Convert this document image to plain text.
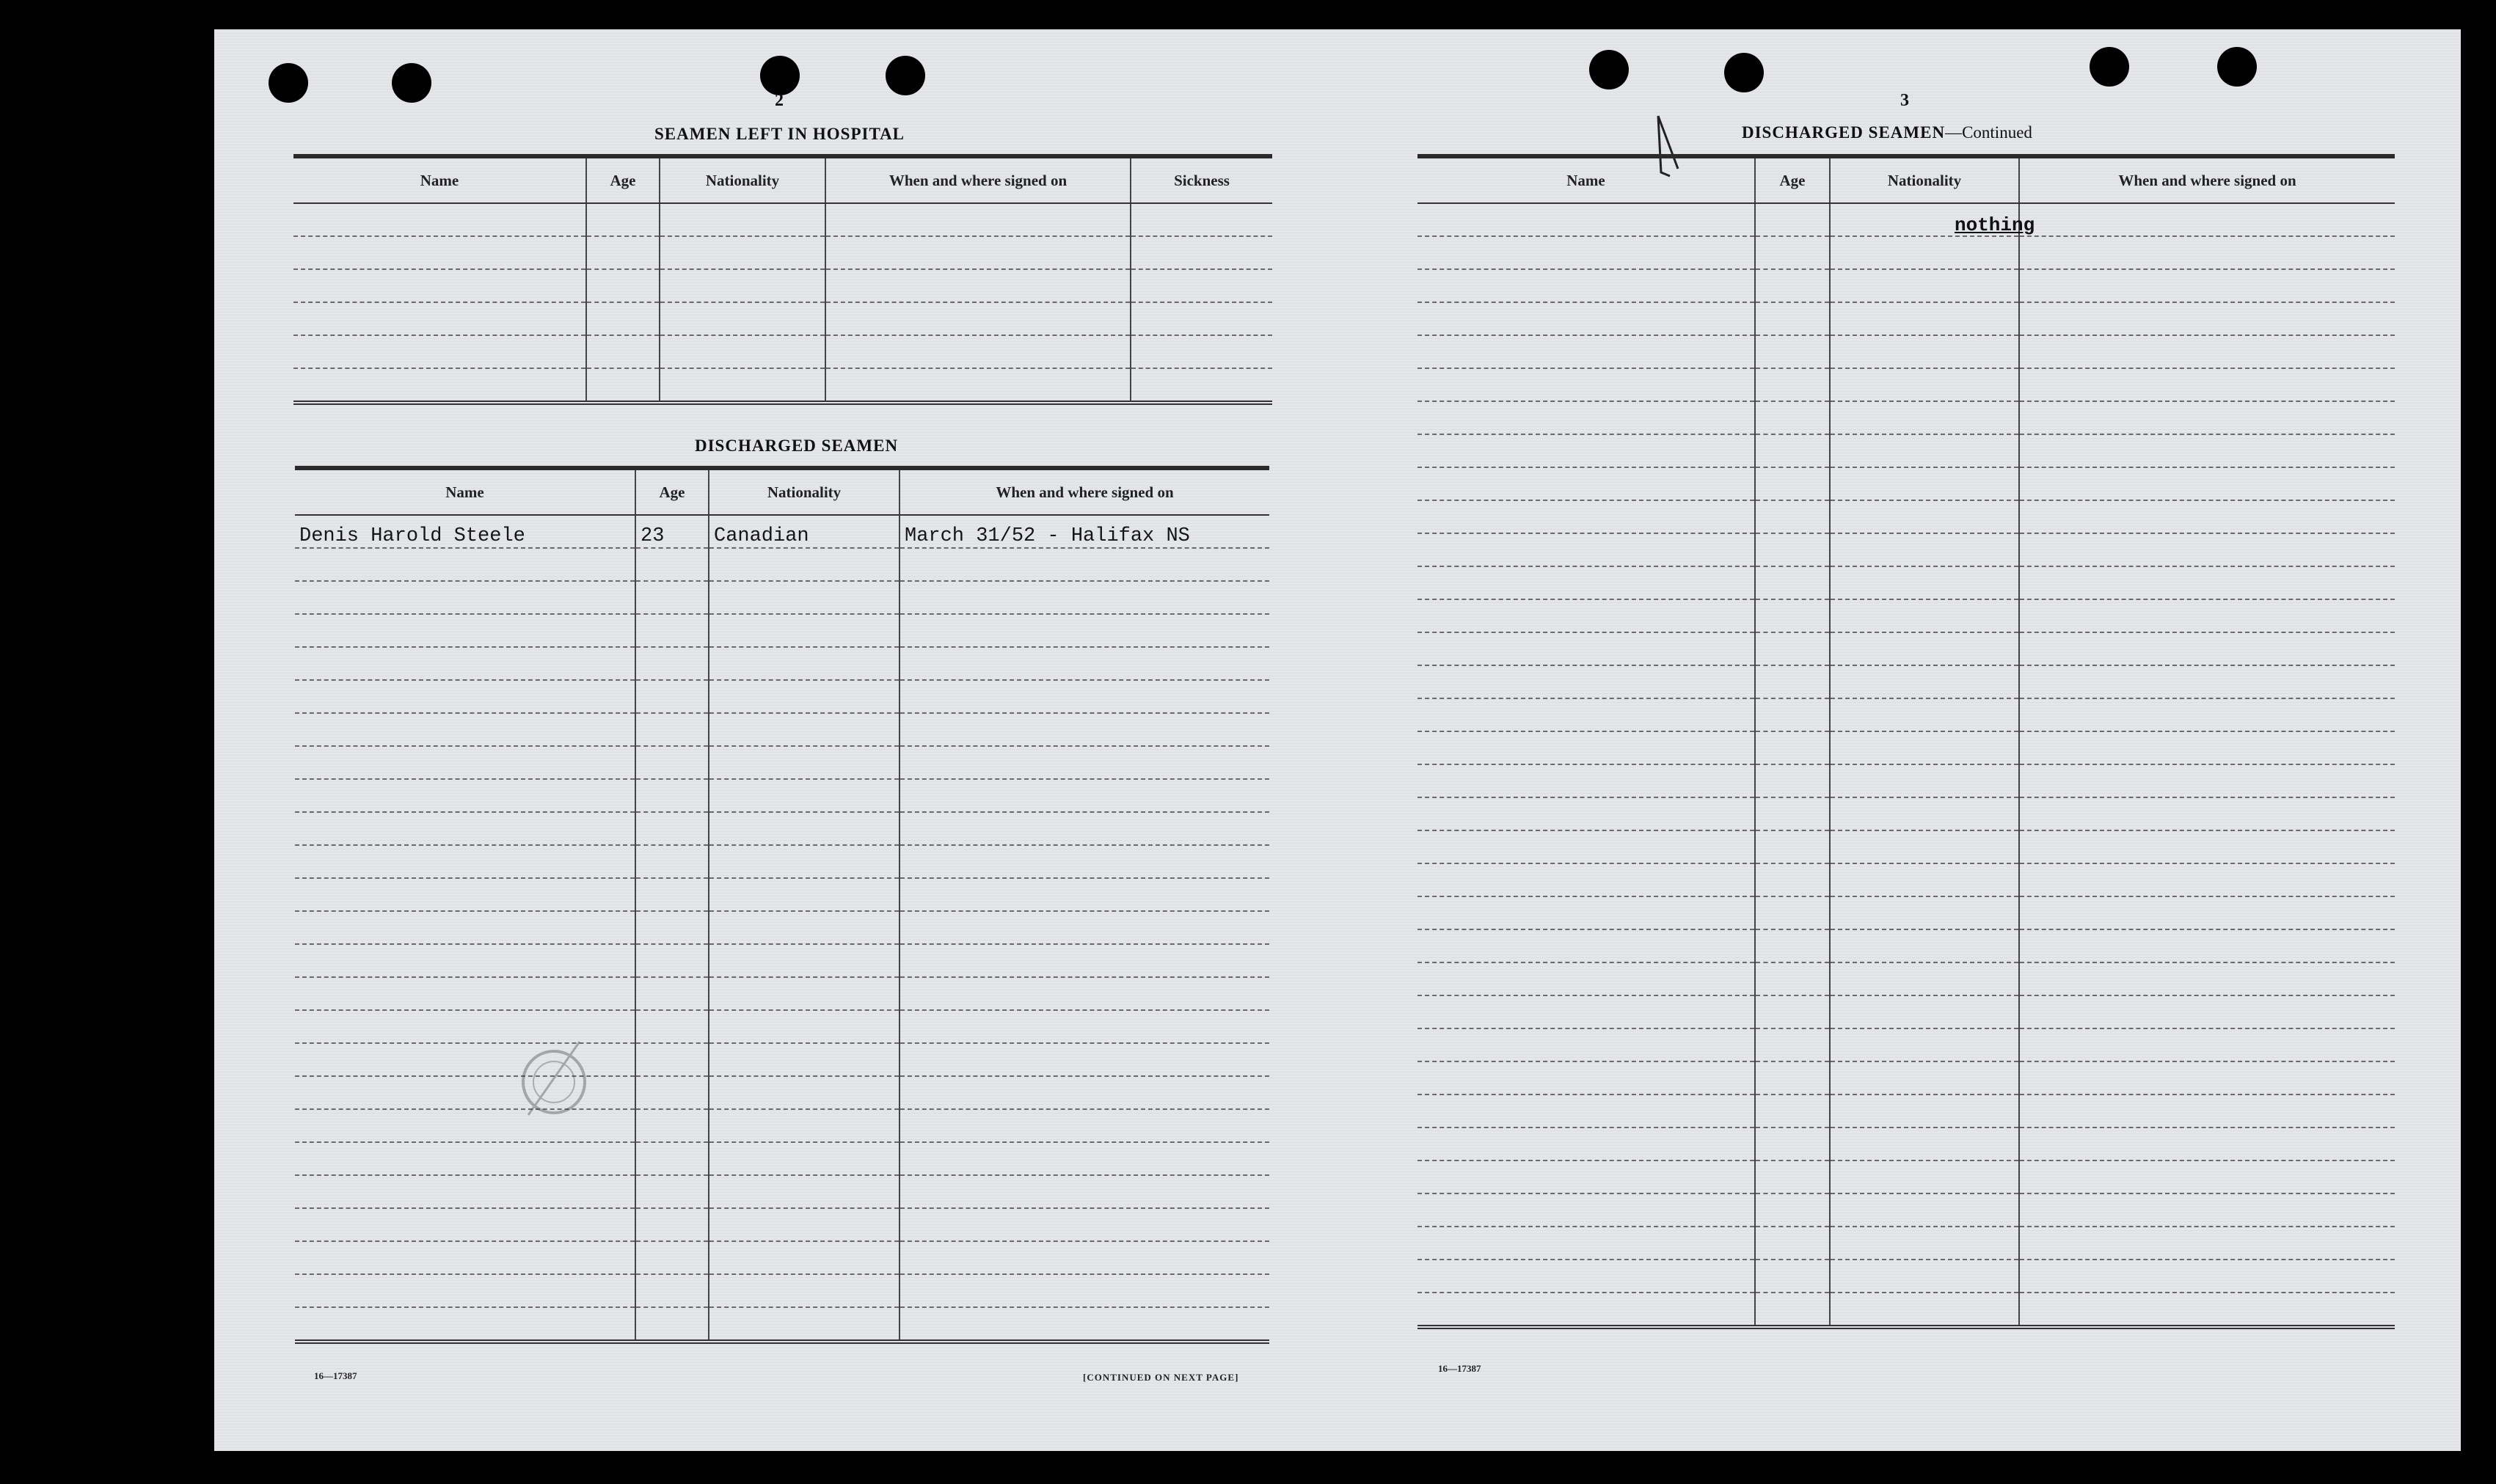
2
SEAMEN LEFT IN HOSPITAL
Name	Age	Nationality	When and where signed on	Sickness

DISCHARGED SEAMEN
Name	Age	Nationality	When and where signed on
Denis Harold Steele	23	Canadian	March 31/52 - Halifax NS

16—17387	[CONTINUED ON NEXT PAGE]
3
DISCHARGED SEAMEN—Continued
Name	Age	Nationality	When and where signed on

nothing
16—17387
